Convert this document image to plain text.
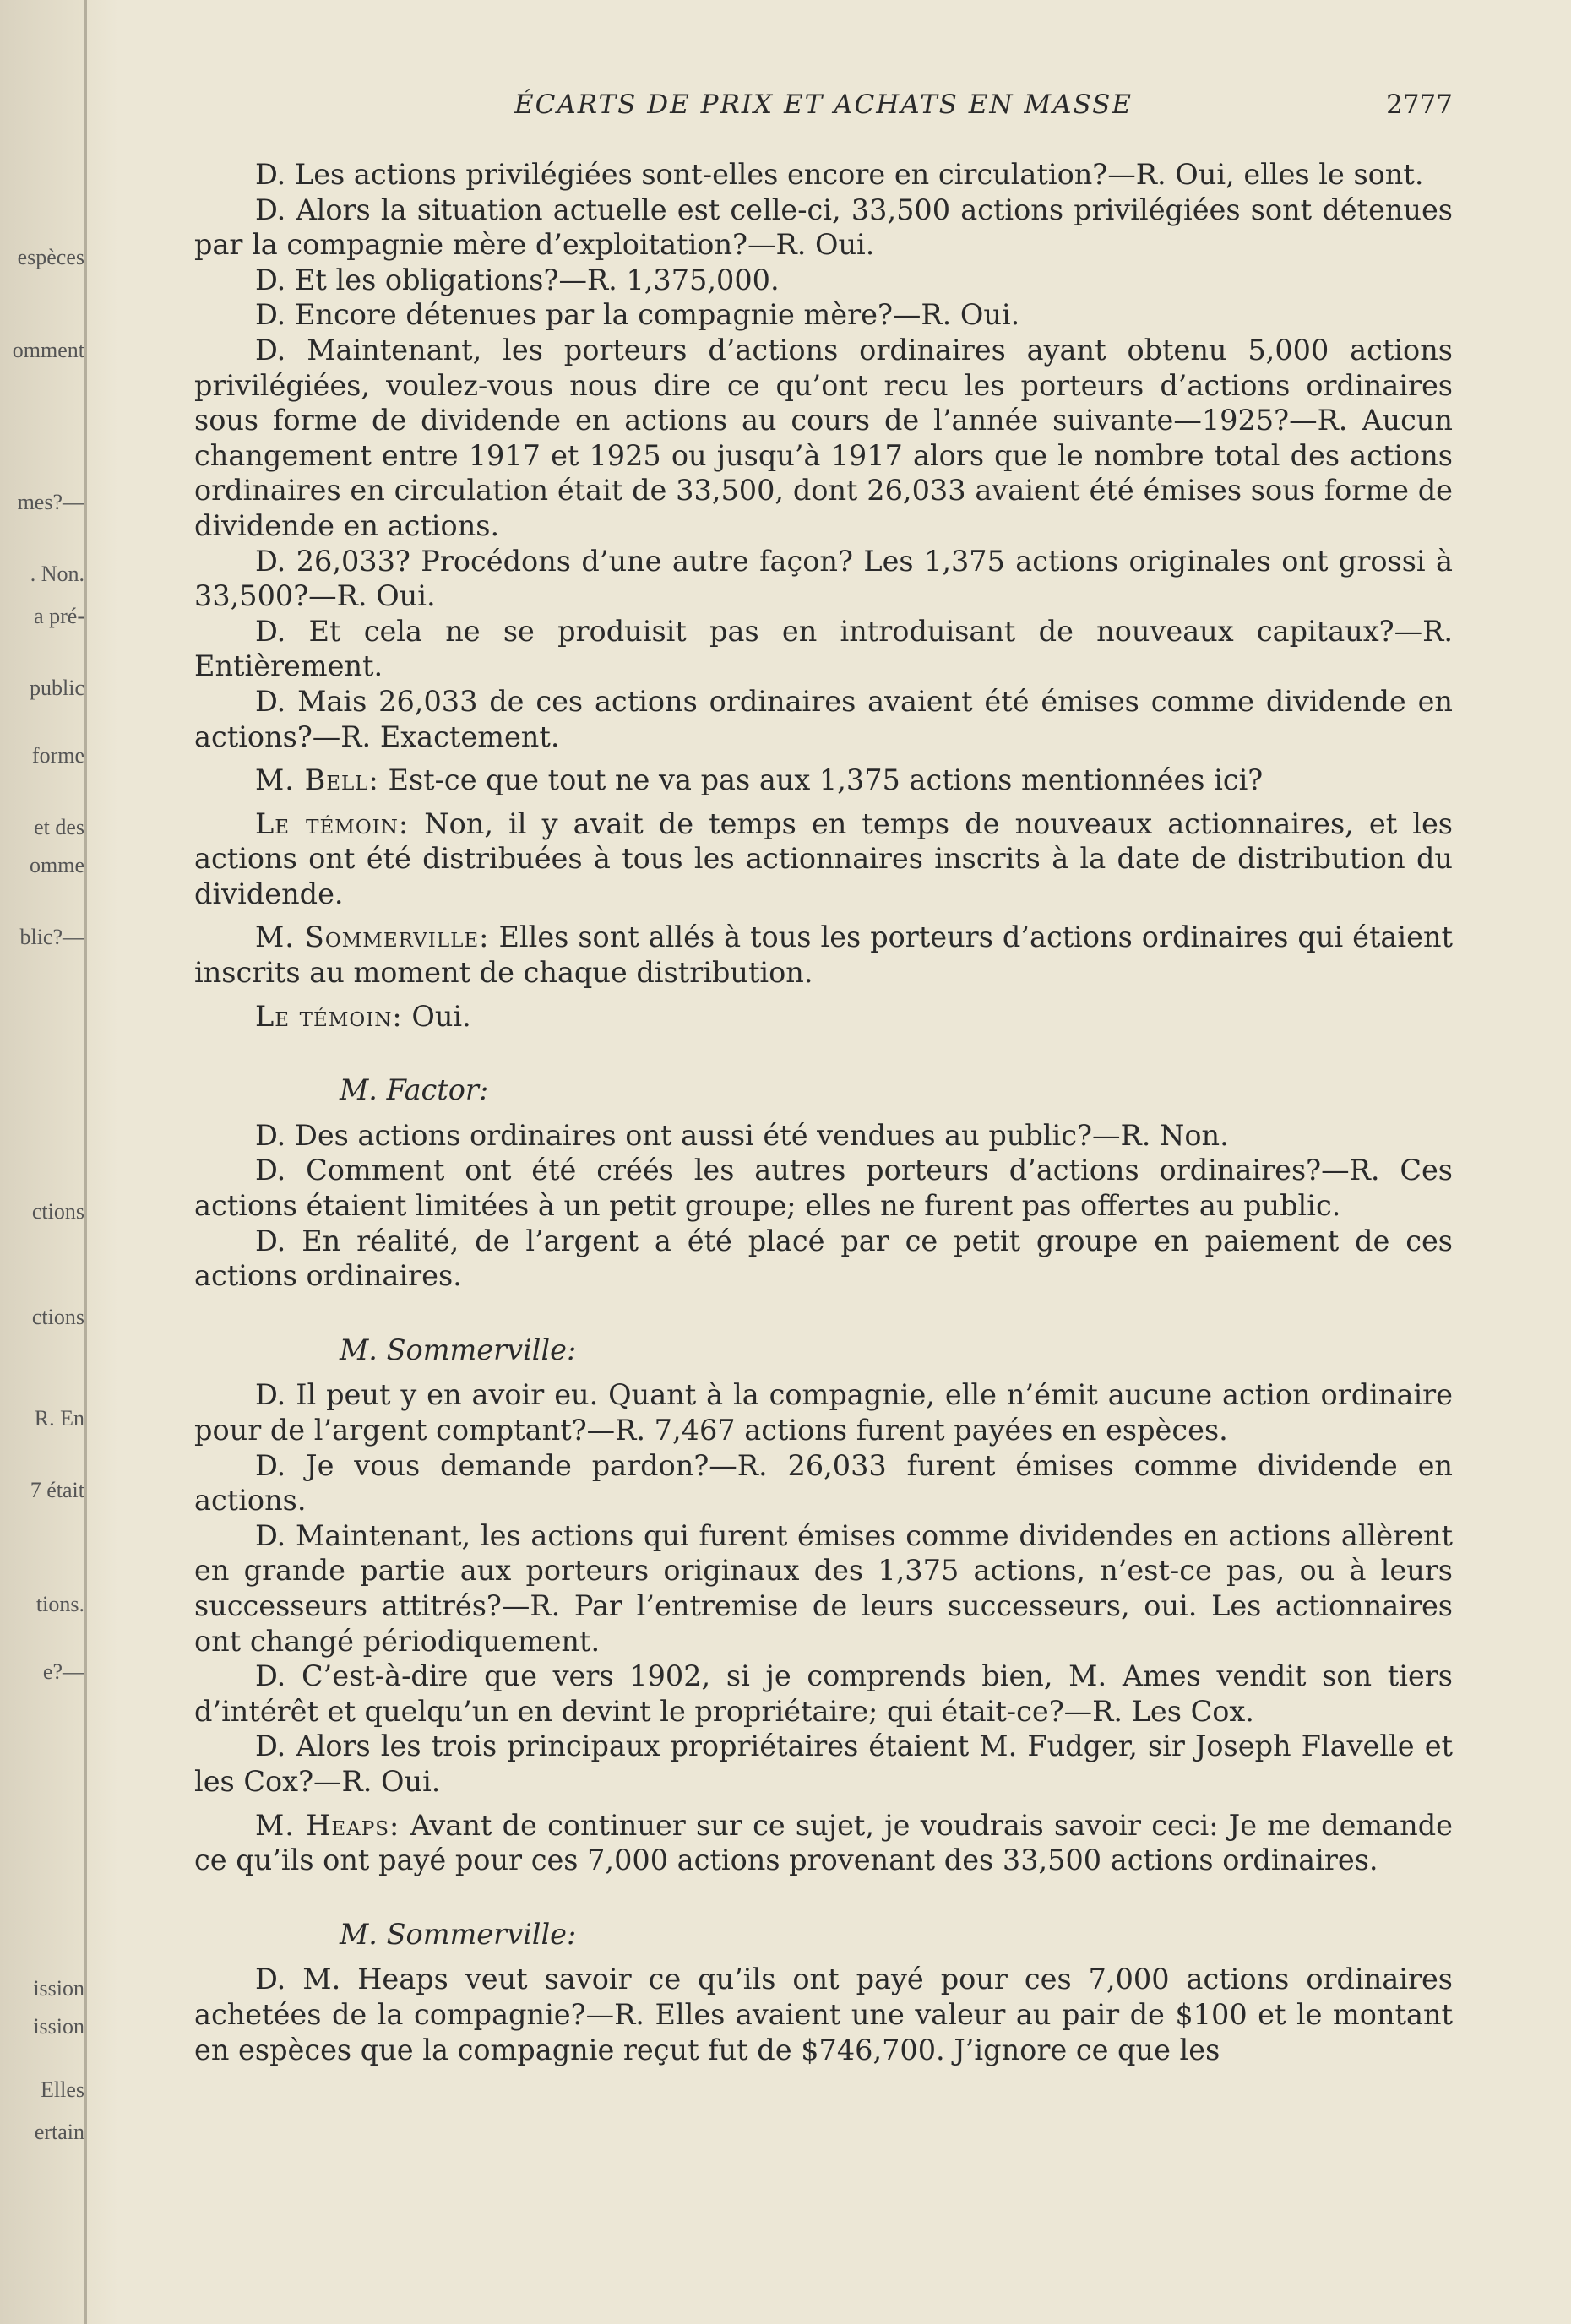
espèces
omment
mes?—
. Non.
a pré-
public
forme
et des
omme
blic?—
ctions
ctions
R. En
7 était
tions.
e?—
ission
ission
Elles
ertain
ÉCARTS DE PRIX ET ACHATS EN MASSE	2777

D. Les actions privilégiées sont-elles encore en circulation?—R. Oui, elles le sont.

D. Alors la situation actuelle est celle-ci, 33,500 actions privilégiées sont détenues par la compagnie mère d’exploitation?—R. Oui.

D. Et les obligations?—R. 1,375,000.

D. Encore détenues par la compagnie mère?—R. Oui.

D. Maintenant, les porteurs d’actions ordinaires ayant obtenu 5,000 actions privilégiées, voulez-vous nous dire ce qu’ont recu les porteurs d’actions ordinaires sous forme de dividende en actions au cours de l’année suivante—1925?—R. Aucun changement entre 1917 et 1925 ou jusqu’à 1917 alors que le nombre total des actions ordinaires en circulation était de 33,500, dont 26,033 avaient été émises sous forme de dividende en actions.

D. 26,033? Procédons d’une autre façon? Les 1,375 actions originales ont grossi à 33,500?—R. Oui.

D. Et cela ne se produisit pas en introduisant de nouveaux capitaux?—R. Entièrement.

D. Mais 26,033 de ces actions ordinaires avaient été émises comme dividende en actions?—R. Exactement.

M. Bell: Est-ce que tout ne va pas aux 1,375 actions mentionnées ici?

Le témoin: Non, il y avait de temps en temps de nouveaux actionnaires, et les actions ont été distribuées à tous les actionnaires inscrits à la date de distribution du dividende.

M. Sommerville: Elles sont allés à tous les porteurs d’actions ordinaires qui étaient inscrits au moment de chaque distribution.

Le témoin: Oui.

M. Factor:

D. Des actions ordinaires ont aussi été vendues au public?—R. Non.

D. Comment ont été créés les autres porteurs d’actions ordinaires?—R. Ces actions étaient limitées à un petit groupe; elles ne furent pas offertes au public.

D. En réalité, de l’argent a été placé par ce petit groupe en paiement de ces actions ordinaires.

M. Sommerville:

D. Il peut y en avoir eu. Quant à la compagnie, elle n’émit aucune action ordinaire pour de l’argent comptant?—R. 7,467 actions furent payées en espèces.

D. Je vous demande pardon?—R. 26,033 furent émises comme dividende en actions.

D. Maintenant, les actions qui furent émises comme dividendes en actions allèrent en grande partie aux porteurs originaux des 1,375 actions, n’est-ce pas, ou à leurs successeurs attitrés?—R. Par l’entremise de leurs successeurs, oui. Les actionnaires ont changé périodiquement.

D. C’est-à-dire que vers 1902, si je comprends bien, M. Ames vendit son tiers d’intérêt et quelqu’un en devint le propriétaire; qui était-ce?—R. Les Cox.

D. Alors les trois principaux propriétaires étaient M. Fudger, sir Joseph Flavelle et les Cox?—R. Oui.

M. Heaps: Avant de continuer sur ce sujet, je voudrais savoir ceci: Je me demande ce qu’ils ont payé pour ces 7,000 actions provenant des 33,500 actions ordinaires.

M. Sommerville:

D. M. Heaps veut savoir ce qu’ils ont payé pour ces 7,000 actions ordinaires achetées de la compagnie?—R. Elles avaient une valeur au pair de $100 et le montant en espèces que la compagnie reçut fut de $746,700. J’ignore ce que les
